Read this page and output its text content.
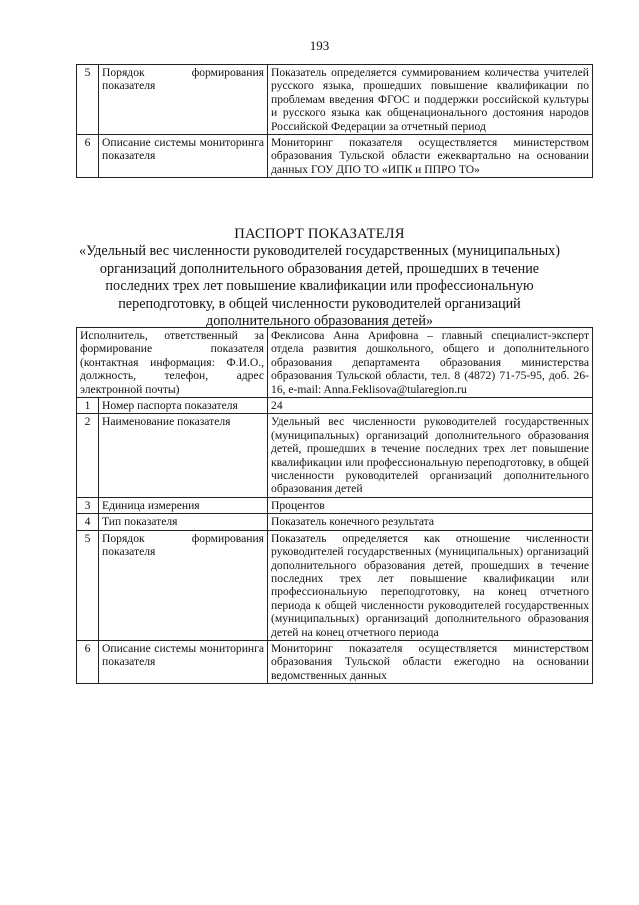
193
5	Порядок формирования показателя	Показатель определяется суммированием количества учителей русского языка, прошедших повышение квалификации по проблемам введения ФГОС и поддержки российской культуры и русского языка как общенационального достояния народов Российской Федерации за отчетный период
6	Описание системы мониторинга показателя	Мониторинг показателя осуществляется министерством образования Тульской области ежеквартально на основании данных ГОУ ДПО ТО «ИПК и ППРО ТО»
ПАСПОРТ ПОКАЗАТЕЛЯ
«Удельный вес численности руководителей государственных (муниципальных)
организаций дополнительного образования детей, прошедших в течение
последних трех лет повышение квалификации или профессиональную
переподготовку, в общей численности руководителей организаций
дополнительного образования детей»
Исполнитель, ответственный за формирование показателя (контактная информация: Ф.И.О., должность, телефон, адрес электронной почты)		Феклисова Анна Арифовна – главный специалист-эксперт отдела развития дошкольного, общего и дополнительного образования департамента образования министерства образования Тульской области, тел. 8 (4872) 71-75-95, доб. 26-16, e-mail: Anna.Feklisova@tularegion.ru
1	Номер паспорта показателя	24
2	Наименование показателя	Удельный вес численности руководителей государственных (муниципальных) организаций дополнительного образования детей, прошедших в течение последних трех лет повышение квалификации или профессиональную переподготовку, в общей численности руководителей организаций дополнительного образования детей
3	Единица измерения	Процентов
4	Тип показателя	Показатель конечного результата
5	Порядок формирования показателя	Показатель определяется как отношение численности руководителей государственных (муниципальных) организаций дополнительного образования детей, прошедших в течение последних трех лет повышение квалификации или профессиональную переподготовку, на конец отчетного периода к общей численности руководителей государственных (муниципальных) организаций дополнительного образования детей на конец отчетного периода
6	Описание системы мониторинга показателя	Мониторинг показателя осуществляется министерством образования Тульской области ежегодно на основании ведомственных данных
